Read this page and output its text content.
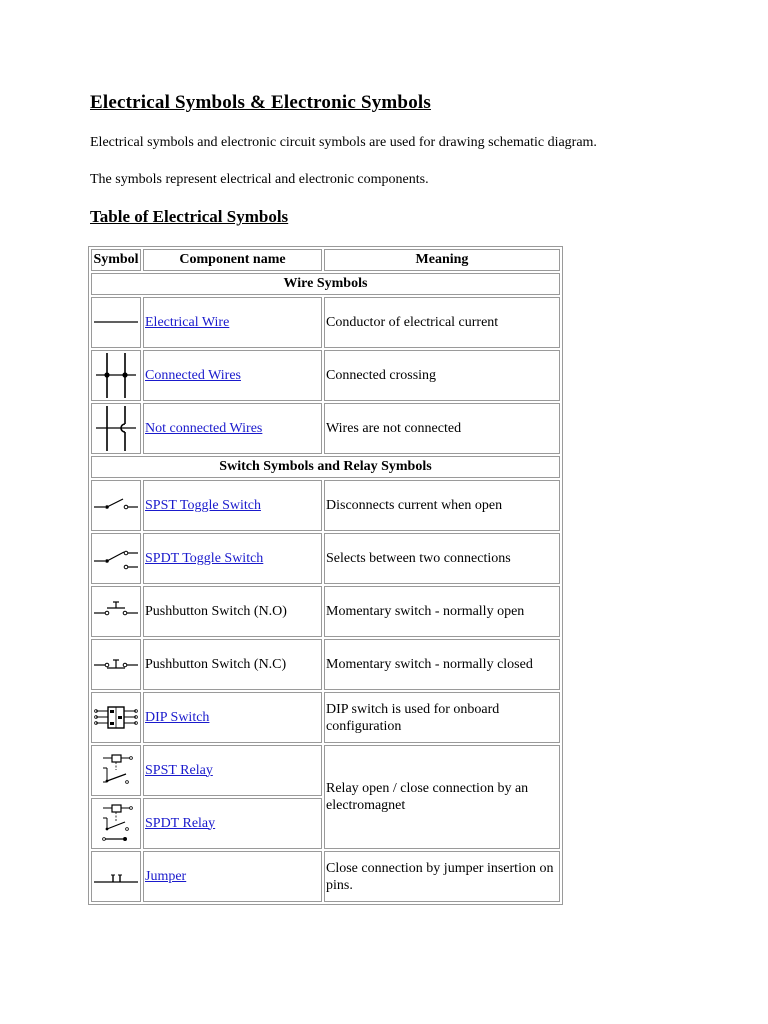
Electrical Symbols & Electronic Symbols

Electrical symbols and electronic circuit symbols are used for drawing schematic diagram.

The symbols represent electrical and electronic components.

Table of Electrical Symbols
Symbol	Component name	Meaning
Wire Symbols		

	Electrical Wire	Conductor of electrical current

	Connected Wires	Connected crossing

	Not connected Wires	Wires are not connected
Switch Symbols and Relay Symbols		

	SPST Toggle Switch	Disconnects current when open

	SPDT Toggle Switch	Selects between two connections

	Pushbutton Switch (N.O)	Momentary switch - normally open

	Pushbutton Switch (N.C)	Momentary switch - normally closed

	DIP Switch	DIP switch is used for onboard configuration

	SPST Relay	Relay open / close connection by an electromagnet

	SPDT Relay	

	Jumper	Close connection by jumper insertion on pins.
